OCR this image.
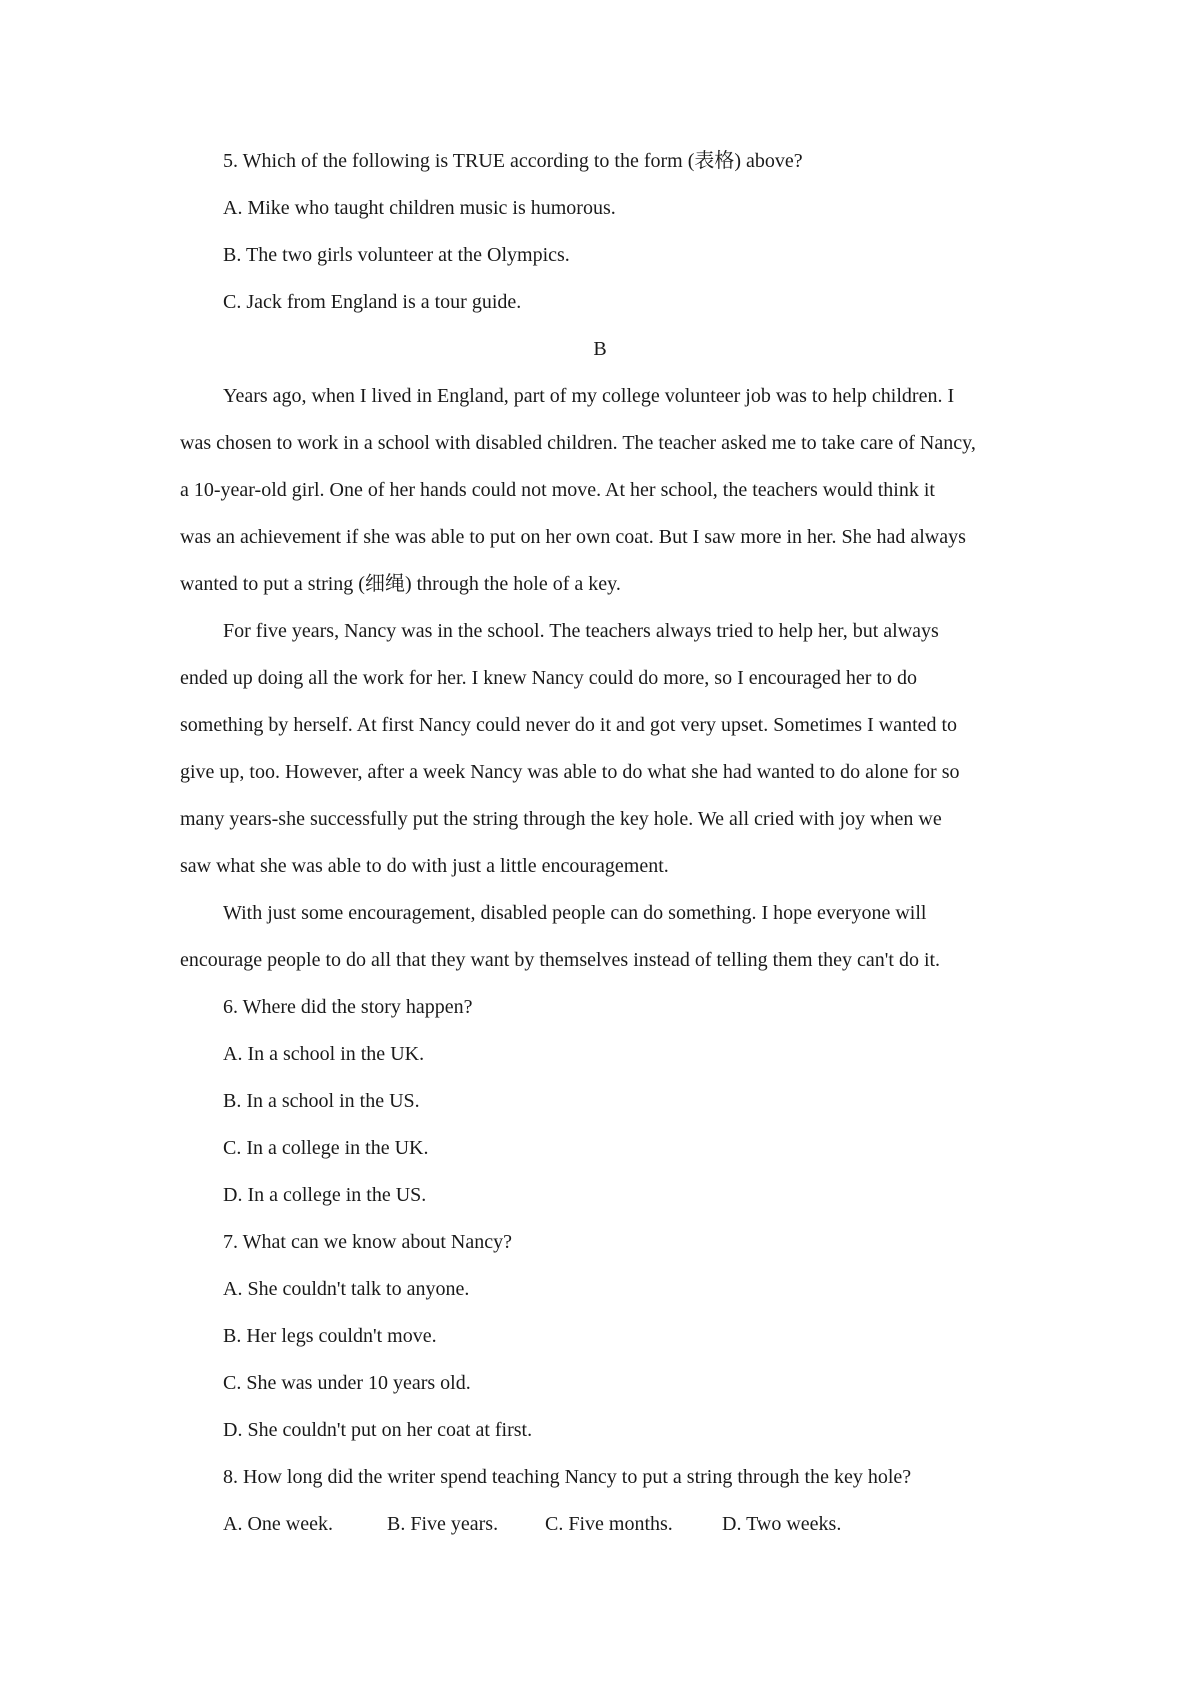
5. Which of the following is TRUE according to the form (表格) above?
A. Mike who taught children music is humorous.
B. The two girls volunteer at the Olympics.
C. Jack from England is a tour guide.
B
Years ago, when I lived in England, part of my college volunteer job was to help children. I
was chosen to work in a school with disabled children. The teacher asked me to take care of Nancy,
a 10-year-old girl. One of her hands could not move. At her school, the teachers would think it
was an achievement if she was able to put on her own coat. But I saw more in her. She had always
wanted to put a string (细绳) through the hole of a key.
For five years, Nancy was in the school. The teachers always tried to help her, but always
ended up doing all the work for her. I knew Nancy could do more, so I encouraged her to do
something by herself. At first Nancy could never do it and got very upset. Sometimes I wanted to
give up, too. However, after a week Nancy was able to do what she had wanted to do alone for so
many years-she successfully put the string through the key hole. We all cried with joy when we
saw what she was able to do with just a little encouragement.
With just some encouragement, disabled people can do something. I hope everyone will
encourage people to do all that they want by themselves instead of telling them they can't do it.
6. Where did the story happen?
A. In a school in the UK.
B. In a school in the US.
C. In a college in the UK.
D. In a college in the US.
7. What can we know about Nancy?
A. She couldn't talk to anyone.
B. Her legs couldn't move.
C. She was under 10 years old.
D. She couldn't put on her coat at first.
8. How long did the writer spend teaching Nancy to put a string through the key hole?
A. One week.	B. Five years. C. Five months. D. Two weeks.
